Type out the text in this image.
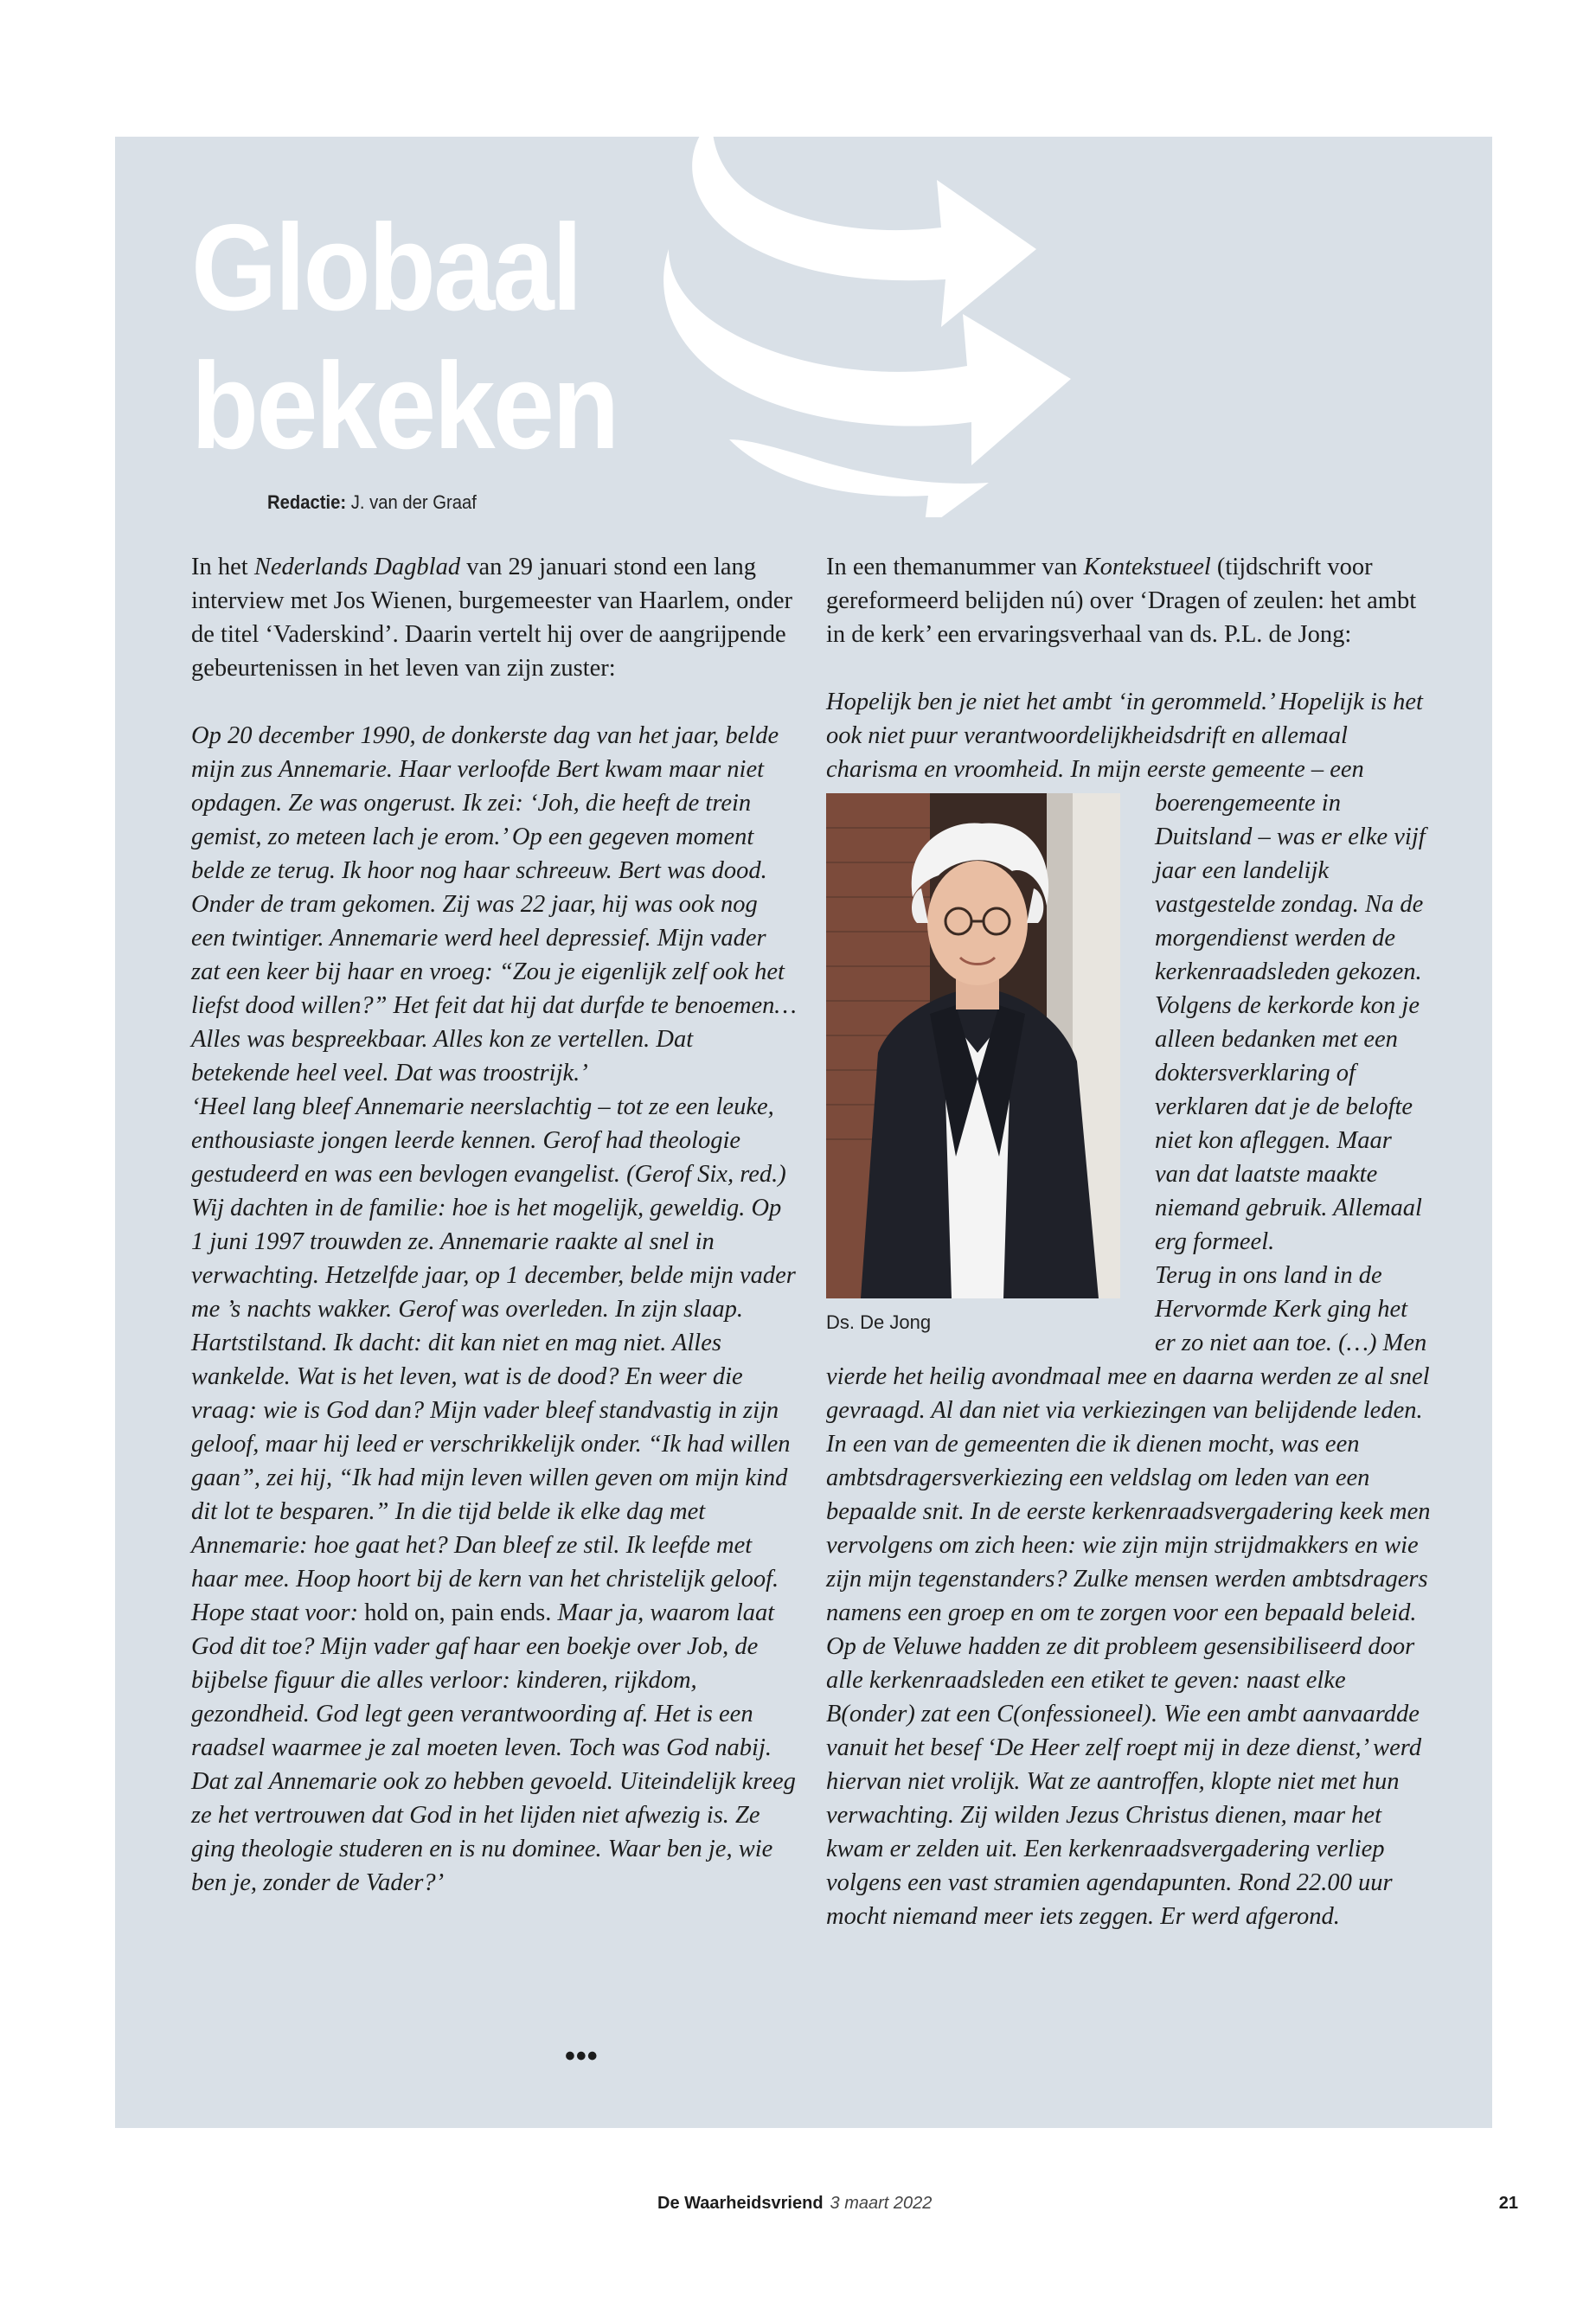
Globaal
bekeken
Redactie: J. van der Graaf

In het Nederlands Dagblad van 29 januari stond een lang interview met Jos Wienen, burgemeester van Haarlem, onder de titel ‘Vaderskind’. Daarin vertelt hij over de aangrijpende gebeurtenissen in het leven van zijn zuster:

Op 20 december 1990, de donkerste dag van het jaar, belde mijn zus Annemarie. Haar verloofde Bert kwam maar niet opdagen. Ze was ongerust. Ik zei: ‘Joh, die heeft de trein gemist, zo meteen lach je erom.’ Op een gegeven moment belde ze terug. Ik hoor nog haar schreeuw. Bert was dood. Onder de tram gekomen. Zij was 22 jaar, hij was ook nog een twintiger. Annemarie werd heel depressief. Mijn vader zat een keer bij haar en vroeg: “Zou je eigenlijk zelf ook het liefst dood willen?” Het feit dat hij dat durfde te benoemen… Alles was bespreekbaar. Alles kon ze vertellen. Dat betekende heel veel. Dat was troostrijk.’

‘Heel lang bleef Annemarie neerslachtig – tot ze een leuke, enthousiaste jongen leerde kennen. Gerof had theologie gestudeerd en was een bevlogen evangelist. (Gerof Six, red.) Wij dachten in de familie: hoe is het mogelijk, geweldig. Op 1 juni 1997 trouwden ze. Annemarie raakte al snel in verwachting. Hetzelfde jaar, op 1 december, belde mijn vader me ’s nachts wakker. Gerof was overleden. In zijn slaap. Hartstilstand. Ik dacht: dit kan niet en mag niet. Alles wankelde. Wat is het leven, wat is de dood? En weer die vraag: wie is God dan? Mijn vader bleef standvastig in zijn geloof, maar hij leed er verschrikkelijk onder. “Ik had willen gaan”, zei hij, “Ik had mijn leven willen geven om mijn kind dit lot te besparen.” In die tijd belde ik elke dag met Annemarie: hoe gaat het? Dan bleef ze stil. Ik leefde met haar mee. Hoop hoort bij de kern van het christelijk geloof. Hope staat voor: hold on, pain ends. Maar ja, waarom laat God dit toe? Mijn vader gaf haar een boekje over Job, de bijbelse figuur die alles verloor: kinderen, rijkdom, gezondheid. God legt geen verantwoording af. Het is een raadsel waarmee je zal moeten leven. Toch was God nabij. Dat zal Annemarie ook zo hebben gevoeld. Uiteindelijk kreeg ze het vertrouwen dat God in het lijden niet afwezig is. Ze ging theologie studeren en is nu dominee. Waar ben je, wie ben je, zonder de Vader?’

•••

In een themanummer van Kontekstueel (tijdschrift voor gereformeerd belijden nú) over ‘Dragen of zeulen: het ambt in de kerk’ een ervaringsverhaal van ds. P.L. de Jong:

Hopelijk ben je niet het ambt ‘in gerommeld.’ Hopelijk is het ook niet puur verantwoordelijkheidsdrift en allemaal charisma en vroomheid. In mijn eerste gemeente – een

Ds. De Jong

boerengemeente in Duitsland – was er elke vijf jaar een landelijk vastgestelde zondag. Na de morgendienst werden de kerkenraadsleden gekozen. Volgens de kerkorde kon je alleen bedanken met een doktersverklaring of verklaren dat je de belofte niet kon afleggen. Maar van dat laatste maakte niemand gebruik. Allemaal erg formeel.

Terug in ons land in de Hervormde Kerk ging het er zo niet aan toe. (…) Men vierde het heilig avondmaal mee en daarna werden ze al snel gevraagd. Al dan niet via verkiezingen van belijdende leden. In een van de gemeenten die ik dienen mocht, was een ambtsdragersverkiezing een veldslag om leden van een bepaalde snit. In de eerste kerkenraadsvergadering keek men vervolgens om zich heen: wie zijn mijn strijdmakkers en wie zijn mijn tegenstanders? Zulke mensen werden ambtsdragers namens een groep en om te zorgen voor een bepaald beleid. Op de Veluwe hadden ze dit probleem gesensibiliseerd door alle kerkenraadsleden een etiket te geven: naast elke B(onder) zat een C(onfessioneel). Wie een ambt aanvaardde vanuit het besef ‘De Heer zelf roept mij in deze dienst,’ werd hiervan niet vrolijk. Wat ze aantroffen, klopte niet met hun verwachting. Zij wilden Jezus Christus dienen, maar het kwam er zelden uit. Een kerkenraadsvergadering verliep volgens een vast stramien agendapunten. Rond 22.00 uur mocht niemand meer iets zeggen. Er werd afgerond.

De Waarheidsvriend 3 maart 2022	21
